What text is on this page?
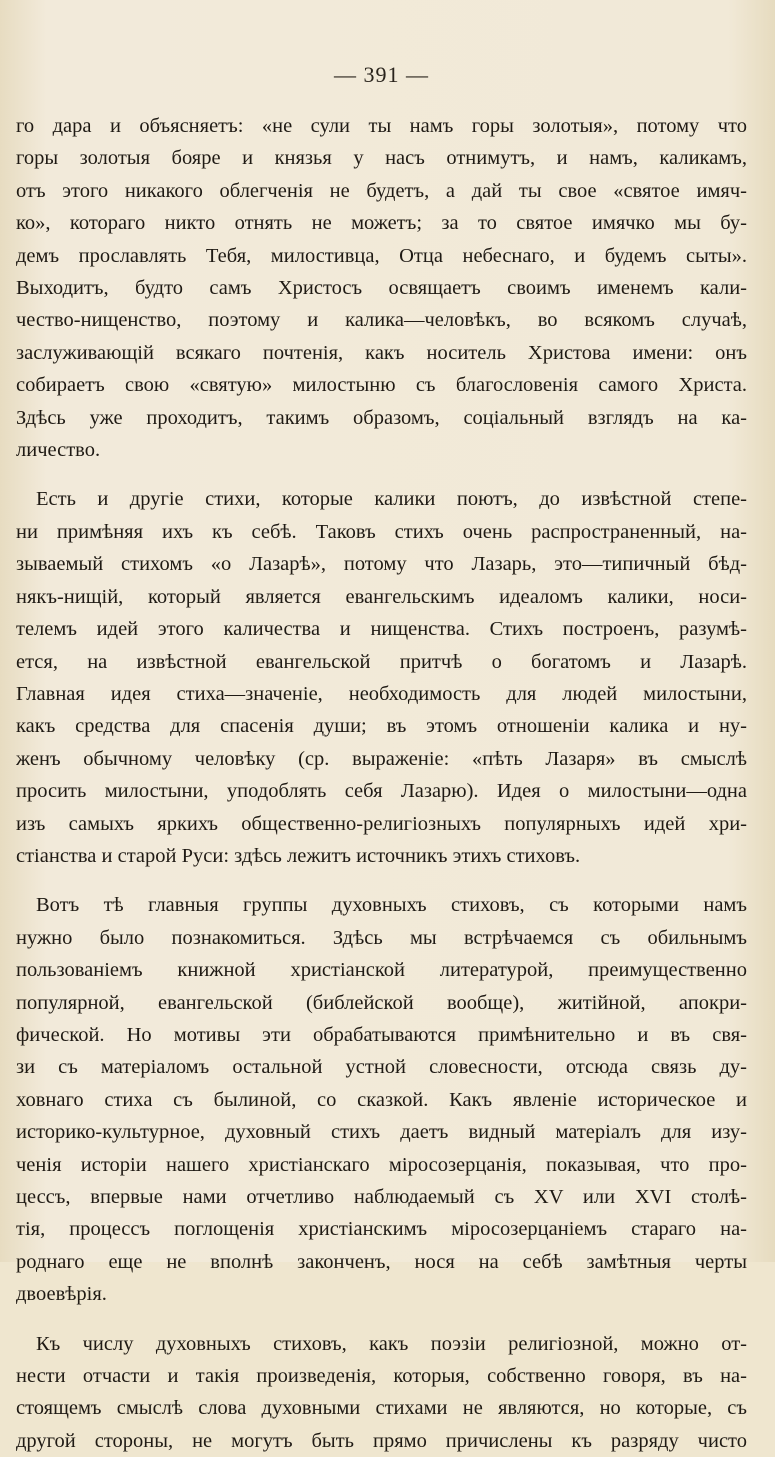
— 391 —
го дара и объясняетъ: «не сули ты намъ горы золотыя», потому что
горы золотыя бояре и князья у насъ отнимутъ, и намъ, каликамъ,
отъ этого никакого облегченія не будетъ, а дай ты свое «святое имяч-
ко», котораго никто отнять не можетъ; за то святое имячко мы бу-
демъ прославлять Тебя, милостивца, Отца небеснаго, и будемъ сыты».
Выходитъ, будто самъ Христосъ освящаетъ своимъ именемъ кали-
чество-нищенство, поэтому и калика—человѣкъ, во всякомъ случаѣ,
заслуживающій всякаго почтенія, какъ носитель Христова имени: онъ
собираетъ свою «святую» милостыню съ благословенія самого Христа.
Здѣсь уже проходитъ, такимъ образомъ, соціальный взглядъ на ка-
личество.
Есть и другіе стихи, которые калики поютъ, до извѣстной степе-
ни примѣняя ихъ къ себѣ. Таковъ стихъ очень распространенный, на-
зываемый стихомъ «о Лазарѣ», потому что Лазарь, это—типичный бѣд-
някъ-нищій, который является евангельскимъ идеаломъ калики, носи-
телемъ идей этого каличества и нищенства. Стихъ построенъ, разумѣ-
ется, на извѣстной евангельской притчѣ о богатомъ и Лазарѣ.
Главная идея стиха—значеніе, необходимость для людей милостыни,
какъ средства для спасенія души; въ этомъ отношеніи калика и ну-
женъ обычному человѣку (ср. выраженіе: «пѣть Лазаря» въ смыслѣ
просить милостыни, уподоблять себя Лазарю). Идея о милостыни—одна
изъ самыхъ яркихъ общественно-религіозныхъ популярныхъ идей хри-
стіанства и старой Руси: здѣсь лежитъ источникъ этихъ стиховъ.
Вотъ тѣ главныя группы духовныхъ стиховъ, съ которыми намъ
нужно было познакомиться. Здѣсь мы встрѣчаемся съ обильнымъ
пользованіемъ книжной христіанской литературой, преимущественно
популярной, евангельской (библейской вообще), житійной, апокри-
фической. Но мотивы эти обрабатываются примѣнительно и въ свя-
зи съ матеріаломъ остальной устной словесности, отсюда связь ду-
ховнаго стиха съ былиной, со сказкой. Какъ явленіе историческое и
историко-культурное, духовный стихъ даетъ видный матеріалъ для изу-
ченія исторіи нашего христіанскаго міросозерцанія, показывая, что про-
цессъ, впервые нами отчетливо наблюдаемый съ XV или XVI столѣ-
тія, процессъ поглощенія христіанскимъ міросозерцаніемъ стараго на-
роднаго еще не вполнѣ законченъ, нося на себѣ замѣтныя черты
двоевѣрія.
Къ числу духовныхъ стиховъ, какъ поэзіи религіозной, можно от-
нести отчасти и такія произведенія, которыя, собственно говоря, въ на-
стоящемъ смыслѣ слова духовными стихами не являются, но которые, съ
другой стороны, не могутъ быть прямо причислены къ разряду чисто
